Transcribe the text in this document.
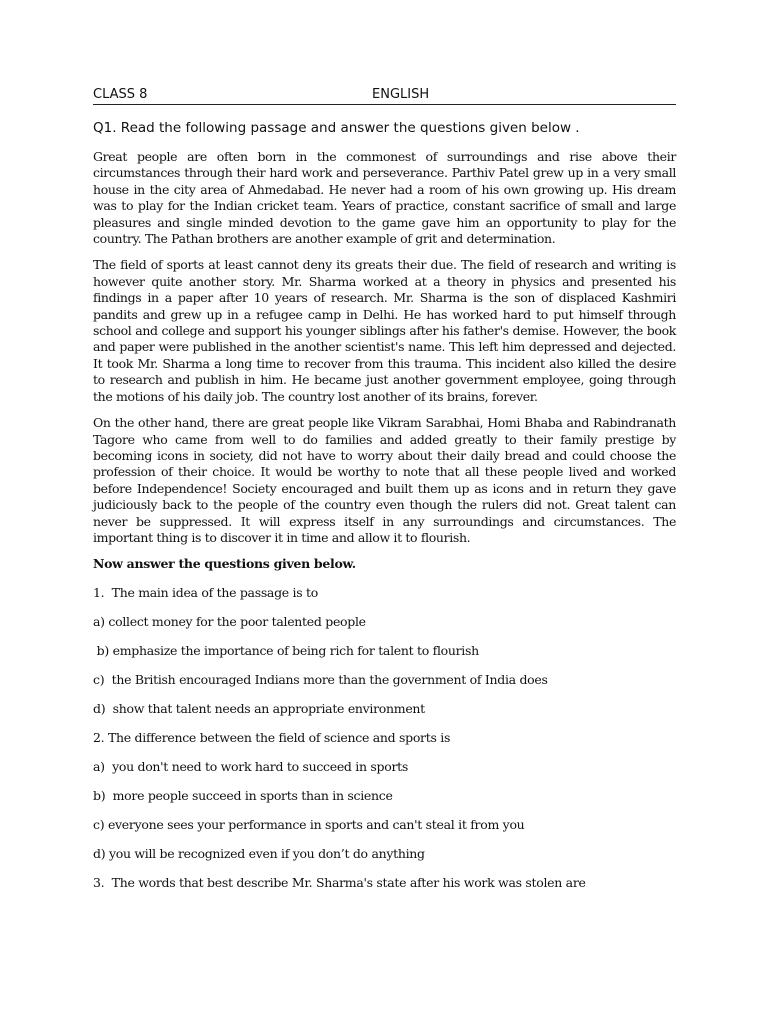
CLASS 8	ENGLISH
Q1. Read the following passage and answer the questions given below .

Great people are often born in the commonest of surroundings and rise above their circumstances through their hard work and perseverance. Parthiv Patel grew up in a very small house in the city area of Ahmedabad. He never had a room of his own growing up. His dream was to play for the Indian cricket team. Years of practice, constant sacrifice of small and large pleasures and single minded devotion to the game gave him an opportunity to play for the country. The Pathan brothers are another example of grit and determination.

The field of sports at least cannot deny its greats their due. The field of research and writing is however quite another story. Mr. Sharma worked at a theory in physics and presented his findings in a paper after 10 years of research. Mr. Sharma is the son of displaced Kashmiri pandits and grew up in a refugee camp in Delhi. He has worked hard to put himself through school and college and support his younger siblings after his father's demise. However, the book and paper were published in the another scientist's name. This left him depressed and dejected. It took Mr. Sharma a long time to recover from this trauma. This incident also killed the desire to research and publish in him. He became just another government employee, going through the motions of his daily job. The country lost another of its brains, forever.

On the other hand, there are great people like Vikram Sarabhai, Homi Bhaba and Rabindranath Tagore who came from well to do families and added greatly to their family prestige by becoming icons in society, did not have to worry about their daily bread and could choose the profession of their choice. It would be worthy to note that all these people lived and worked before Independence! Society encouraged and built them up as icons and in return they gave judiciously back to the people of the country even though the rulers did not. Great talent can never be suppressed. It will express itself in any surroundings and circumstances. The important thing is to discover it in time and allow it to flourish.

Now answer the questions given below.
1.  The main idea of the passage is to
a) collect money for the poor talented people
b) emphasize the importance of being rich for talent to flourish
c)  the British encouraged Indians more than the government of India does
d)  show that talent needs an appropriate environment
2. The difference between the field of science and sports is
a)  you don't need to work hard to succeed in sports
b)  more people succeed in sports than in science
c) everyone sees your performance in sports and can't steal it from you
d) you will be recognized even if you don’t do anything
3.  The words that best describe Mr. Sharma's state after his work was stolen are
